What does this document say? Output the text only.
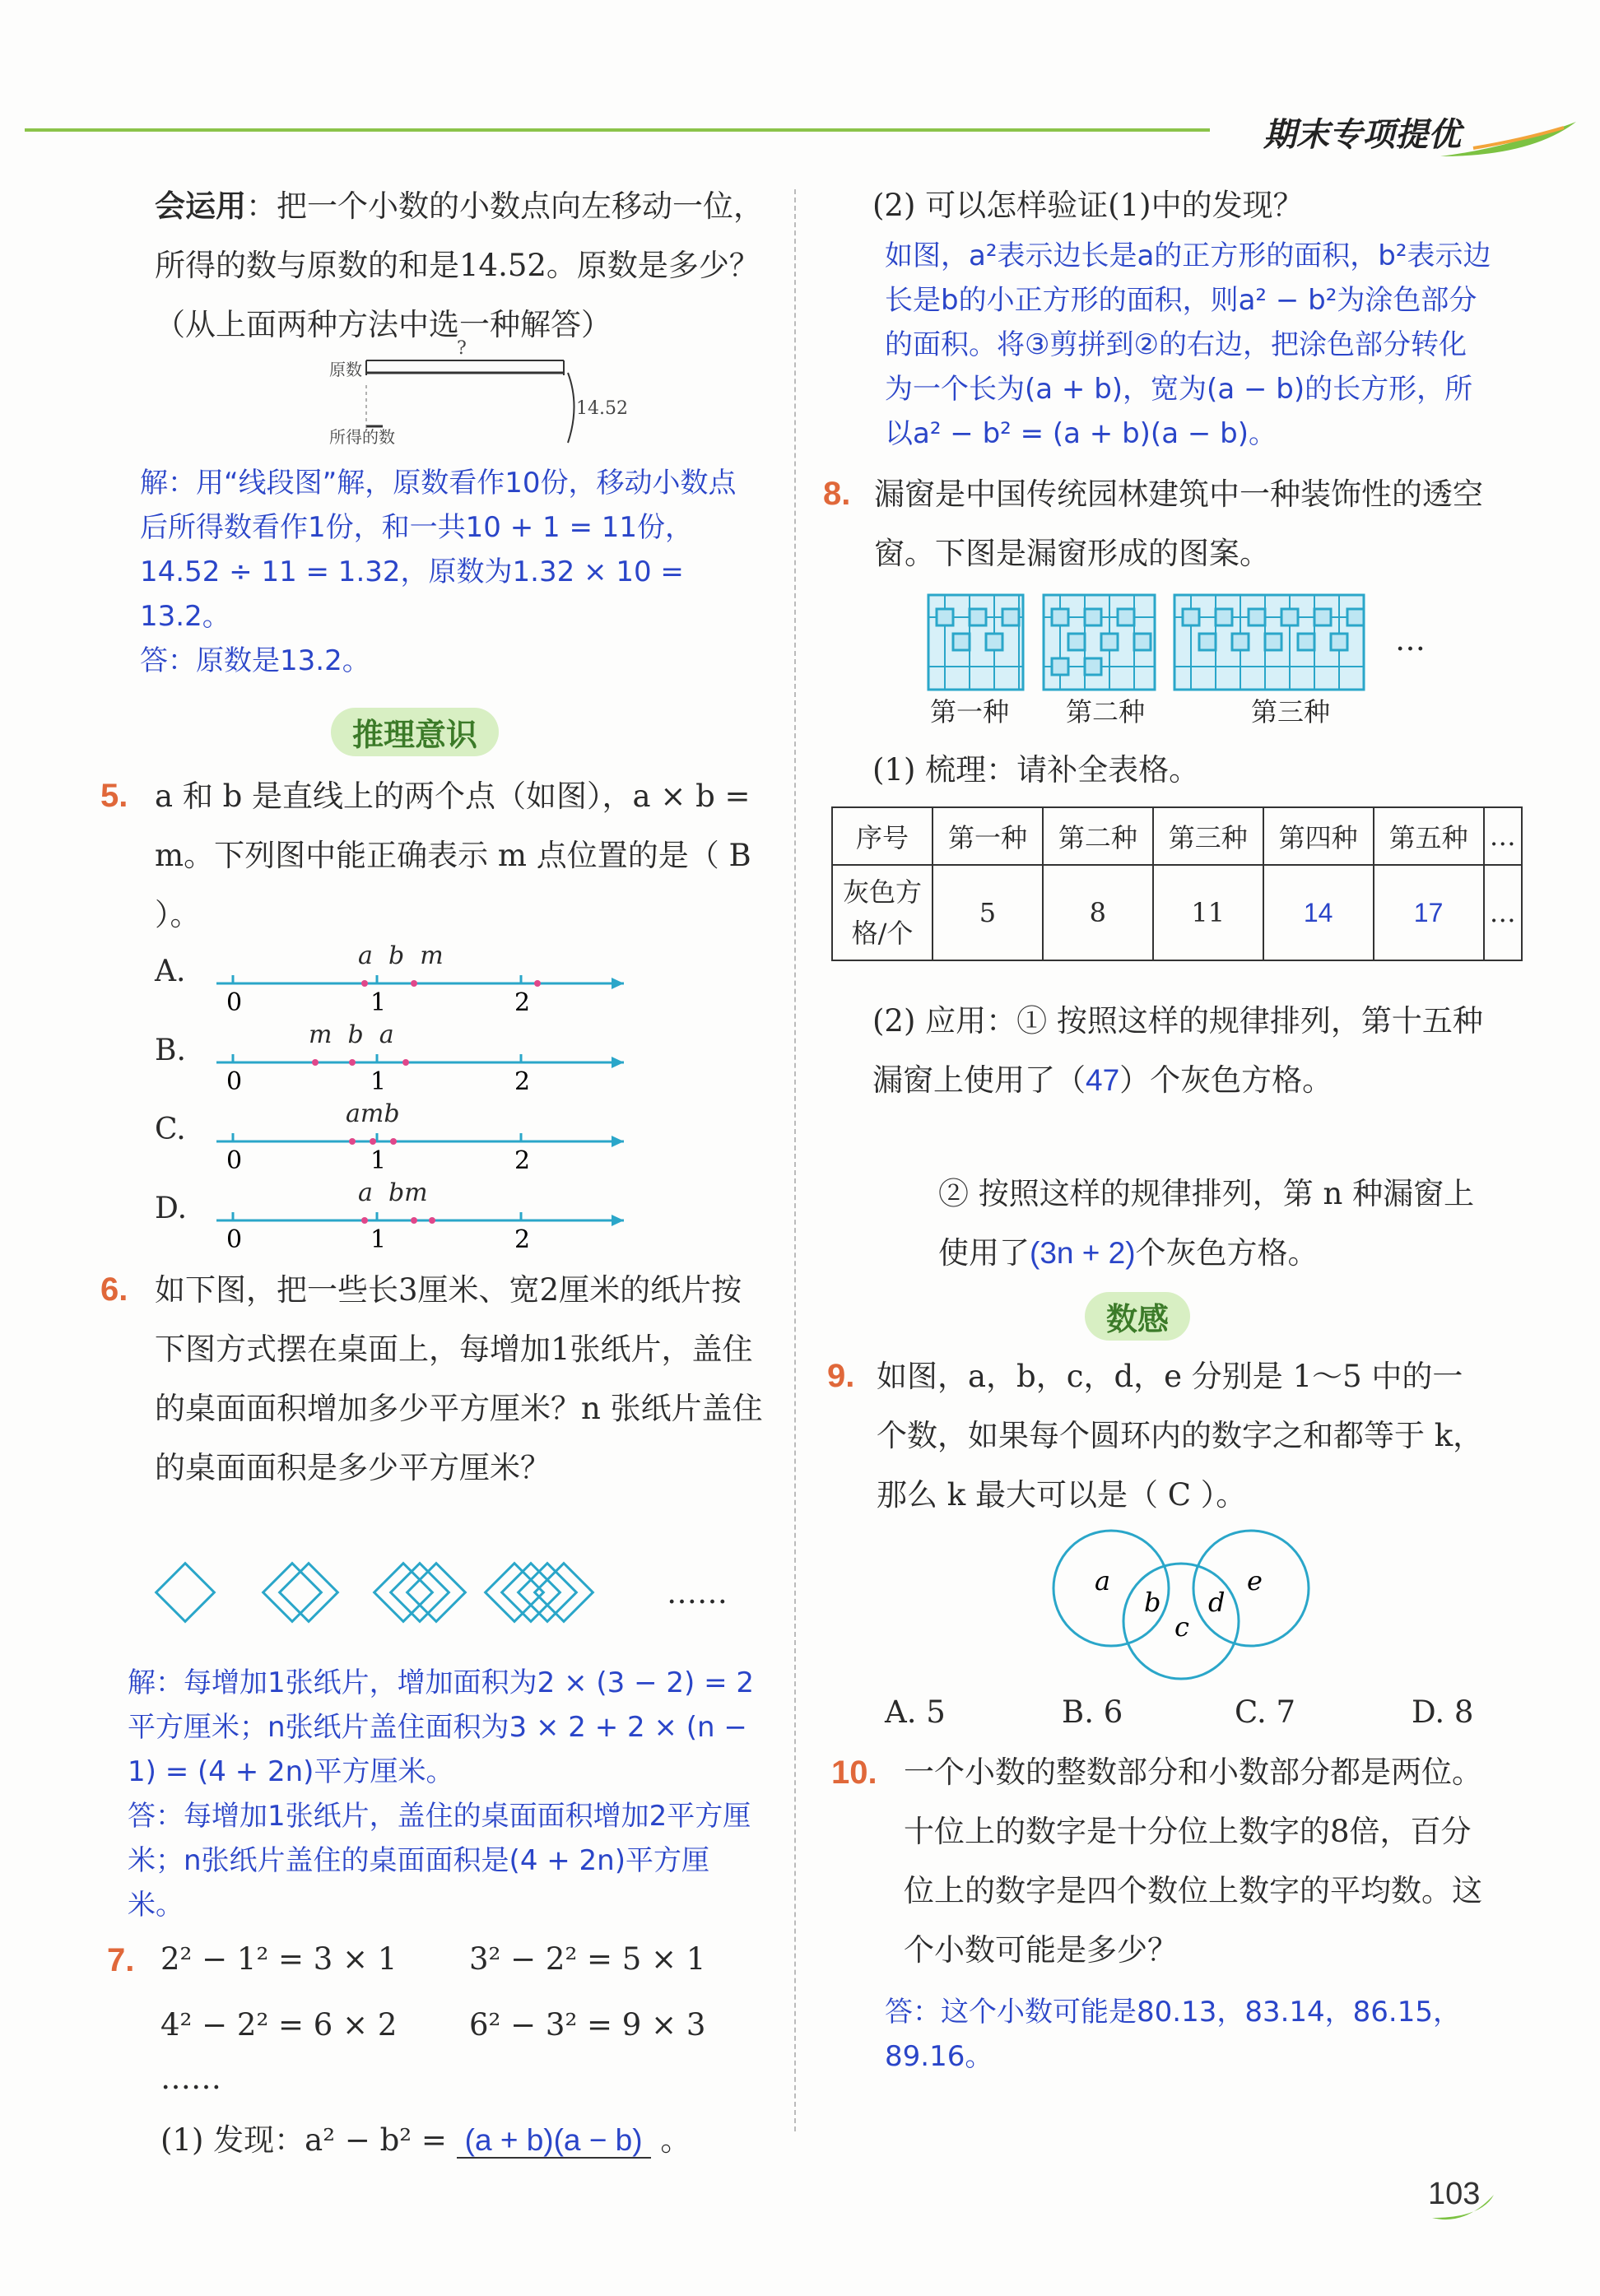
期末专项提优
会运用：把一个小数的小数点向左移动一位，所得的数与原数的和是14.52。原数是多少？（从上面两种方法中选一种解答）
原数
?
所得的数
14.52
解：用“线段图”解，原数看作10份，移动小数点后所得数看作1份，和一共10 + 1 = 11份，14.52 ÷ 11 = 1.32，原数为1.32 × 10 = 13.2。
答：原数是13.2。
推理意识
5. a 和 b 是直线上的两个点（如图），a × b = m。下列图中能正确表示 m 点位置的是（ B ）。
A.
0	1	2
a  b  m
B.
0	1	2
m  b  a
C.
0	1	2
amb
D.
0	1	2
a  bm
6. 如下图，把一些长3厘米、宽2厘米的纸片按下图方式摆在桌面上，每增加1张纸片，盖住的桌面面积增加多少平方厘米？n 张纸片盖住的桌面面积是多少平方厘米？
……
解：每增加1张纸片，增加面积为2 × (3 − 2) = 2平方厘米；n张纸片盖住面积为3 × 2 + 2 × (n − 1) = (4 + 2n)平方厘米。
答：每增加1张纸片，盖住的桌面面积增加2平方厘米；n张纸片盖住的桌面面积是(4 + 2n)平方厘米。
7. 2² − 1² = 3 × 1 3² − 2² = 5 × 1
4² − 2² = 6 × 2 6² − 3² = 9 × 3
……
(1) 发现：a² − b² = (a + b)(a − b) 。
(2) 可以怎样验证(1)中的发现？
如图，a²表示边长是a的正方形的面积，b²表示边长是b的小正方形的面积，则a² − b²为涂色部分的面积。将③剪拼到②的右边，把涂色部分转化为一个长为(a + b)，宽为(a − b)的长方形，所以a² − b² = (a + b)(a − b)。
8. 漏窗是中国传统园林建筑中一种装饰性的透空窗。下图是漏窗形成的图案。
…
第一种 第二种	第三种
(1) 梳理：请补全表格。
序号	第一种	第二种	第三种	第四种	第五种	…
灰色方格/个	5	8	11	14	17	…
(2) 应用：① 按照这样的规律排列，第十五种漏窗上使用了（47）个灰色方格。
② 按照这样的规律排列，第 n 种漏窗上使用了(3n + 2)个灰色方格。
数感
9. 如图，a，b，c，d，e 分别是 1～5 中的一个数，如果每个圆环内的数字之和都等于 k，那么 k 最大可以是（ C ）。
a
b
c
d
e
A. 5	B. 6	C. 7	D. 8
10. 一个小数的整数部分和小数部分都是两位。十位上的数字是十分位上数字的8倍，百分位上的数字是四个数位上数字的平均数。这个小数可能是多少？
答：这个小数可能是80.13，83.14，86.15，89.16。
103
